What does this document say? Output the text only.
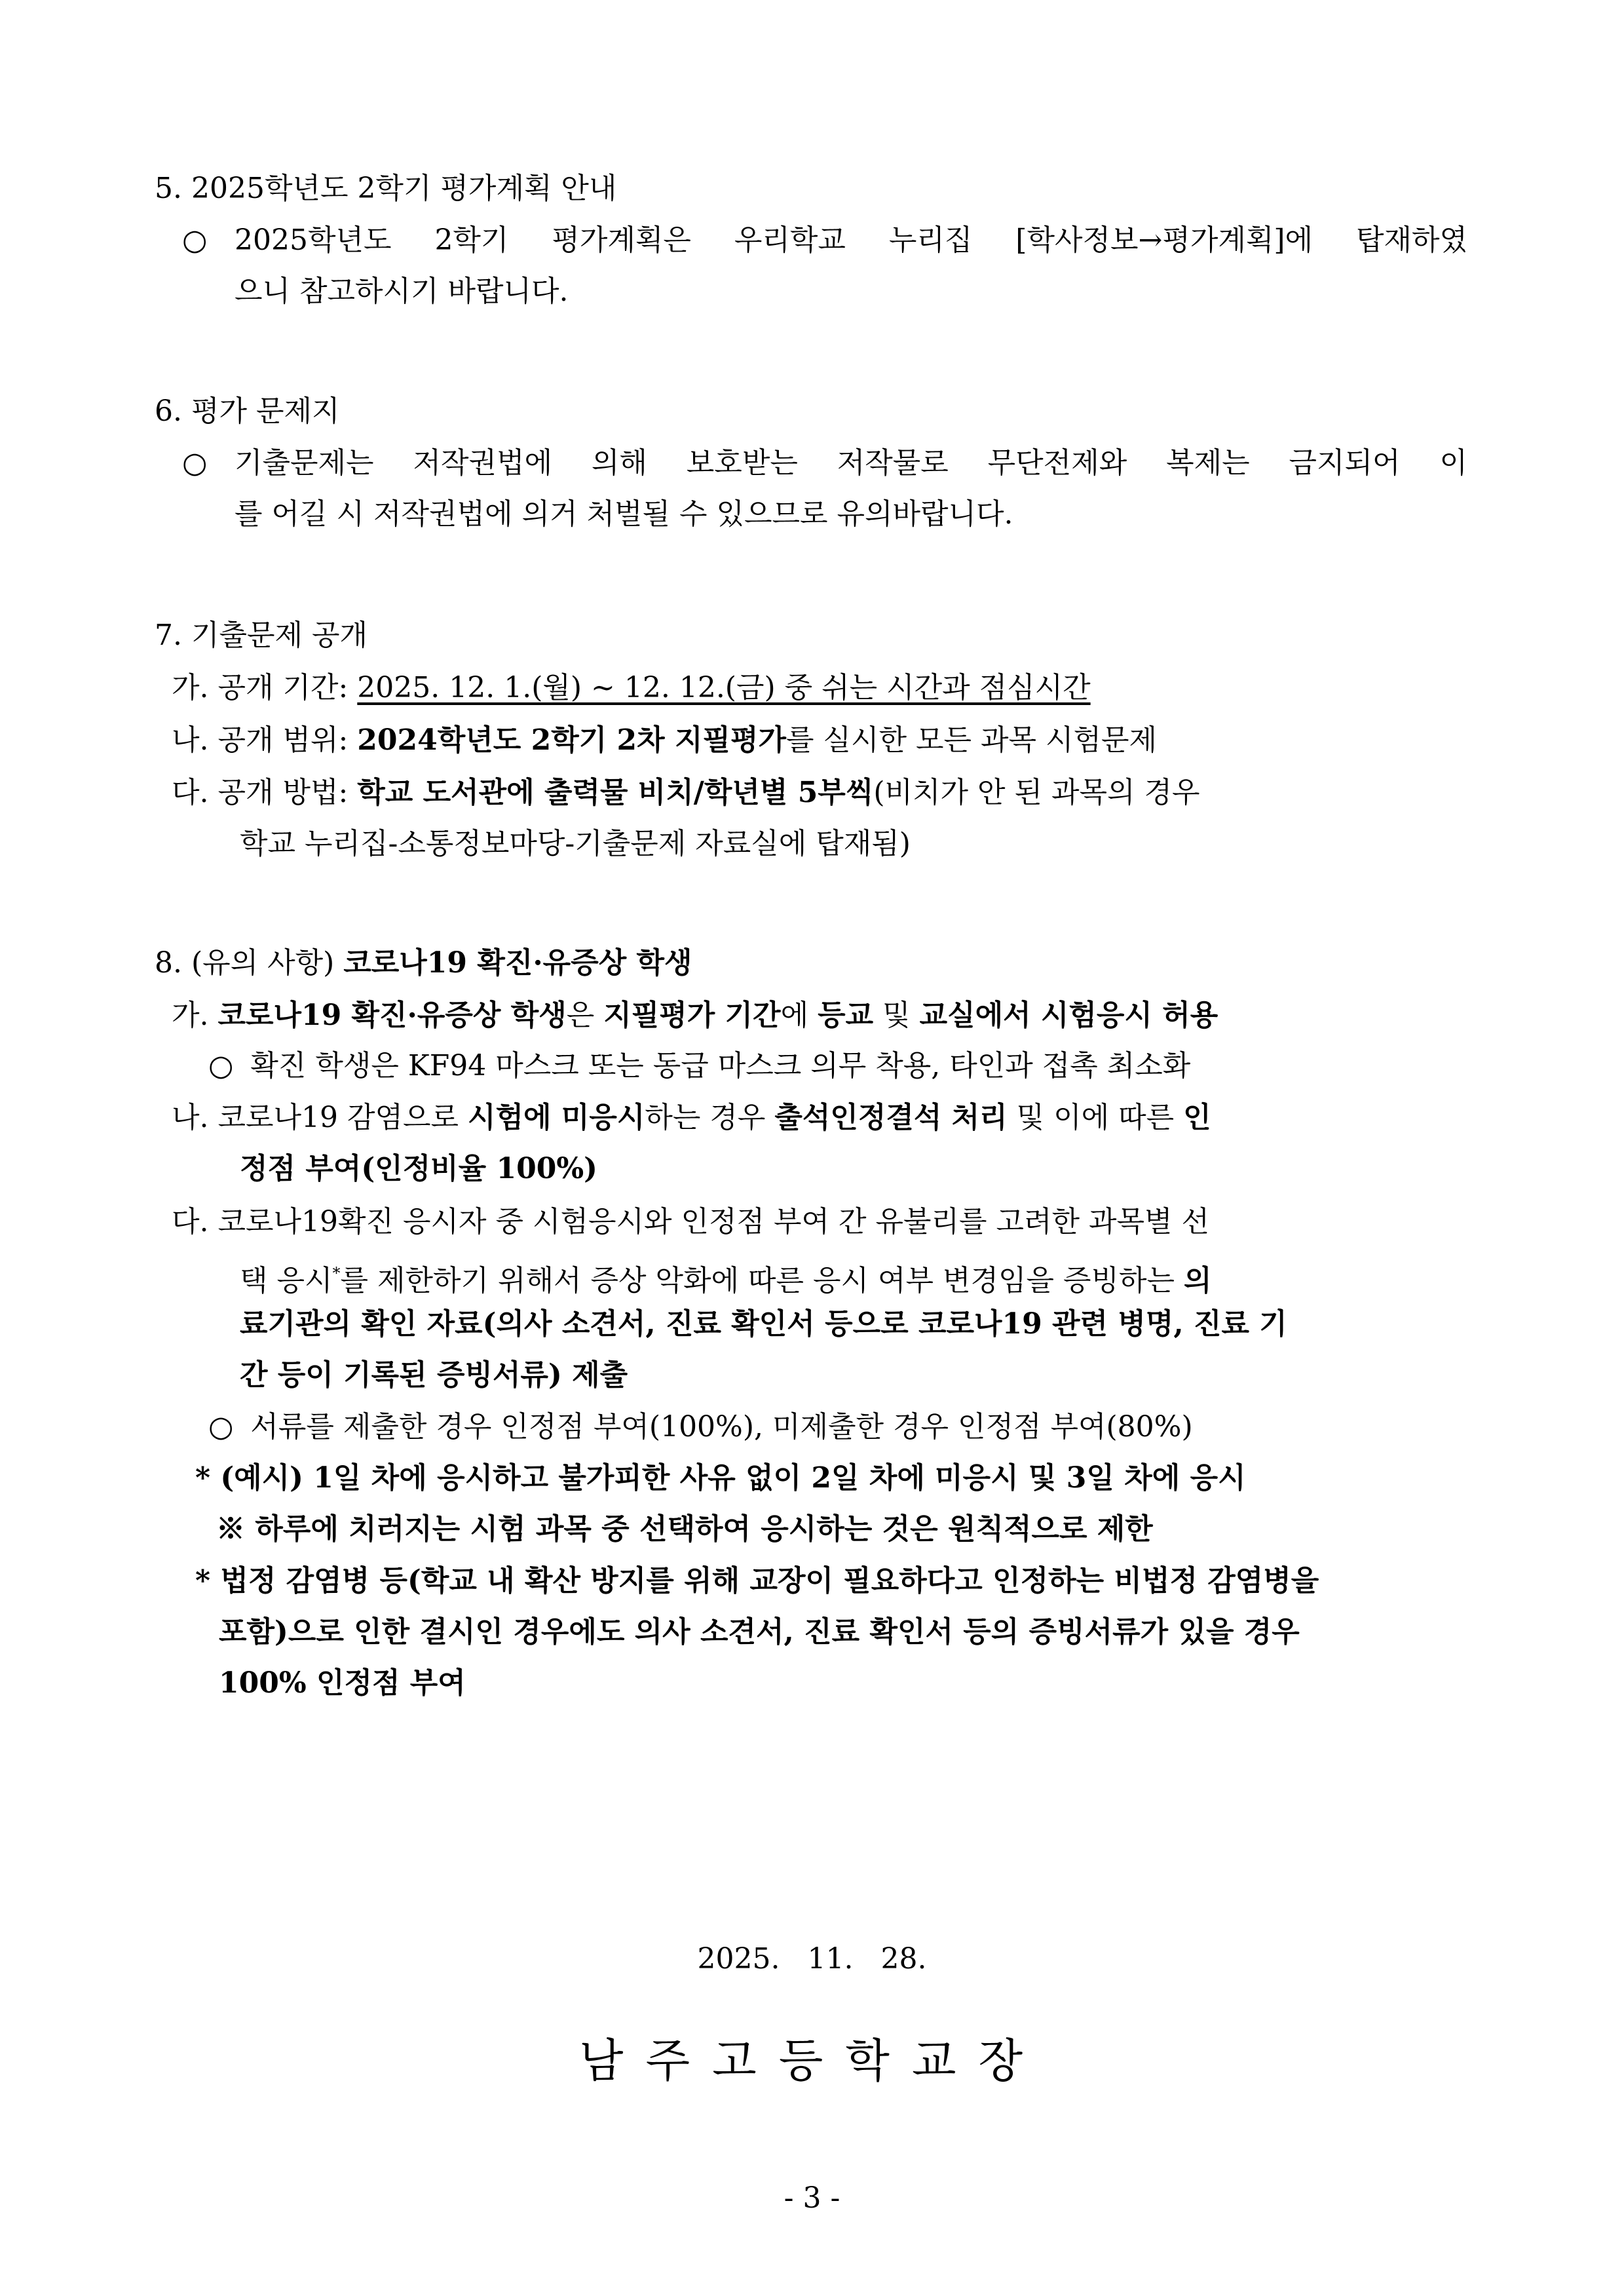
5. 2025학년도 2학기 평가계획 안내
○ 2025학년도 2학기 평가계획은 우리학교 누리집 [학사정보→평가계획]에 탑재하였
으니 참고하시기 바랍니다.
6. 평가 문제지
○ 기출문제는 저작권법에 의해 보호받는 저작물로 무단전제와 복제는 금지되어 이
를 어길 시 저작권법에 의거 처벌될 수 있으므로 유의바랍니다.
7. 기출문제 공개
가. 공개 기간: 2025. 12. 1.(월) ~ 12. 12.(금) 중 쉬는 시간과 점심시간
나. 공개 범위: 2024학년도 2학기 2차 지필평가를 실시한 모든 과목 시험문제
다. 공개 방법: 학교 도서관에 출력물 비치/학년별 5부씩(비치가 안 된 과목의 경우
학교 누리집-소통정보마당-기출문제 자료실에 탑재됨)
8. (유의 사항) 코로나19 확진·유증상 학생
가. 코로나19 확진·유증상 학생은 지필평가 기간에 등교 및 교실에서 시험응시 허용
○ 확진 학생은 KF94 마스크 또는 동급 마스크 의무 착용, 타인과 접촉 최소화
나. 코로나19 감염으로 시험에 미응시하는 경우 출석인정결석 처리 및 이에 따른 인
정점 부여(인정비율 100%)
다. 코로나19확진 응시자 중 시험응시와 인정점 부여 간 유불리를 고려한 과목별 선
택 응시*를 제한하기 위해서 증상 악화에 따른 응시 여부 변경임을 증빙하는 의
료기관의 확인 자료(의사 소견서, 진료 확인서 등으로 코로나19 관련 병명, 진료 기
간 등이 기록된 증빙서류) 제출
○ 서류를 제출한 경우 인정점 부여(100%), 미제출한 경우 인정점 부여(80%)
* (예시) 1일 차에 응시하고 불가피한 사유 없이 2일 차에 미응시 및 3일 차에 응시
※ 하루에 치러지는 시험 과목 중 선택하여 응시하는 것은 원칙적으로 제한
* 법정 감염병 등(학교 내 확산 방지를 위해 교장이 필요하다고 인정하는 비법정 감염병을
포함)으로 인한 결시인 경우에도 의사 소견서, 진료 확인서 등의 증빙서류가 있을 경우
100% 인정점 부여
2025. 11. 28.
남주고등학교장
- 3 -
